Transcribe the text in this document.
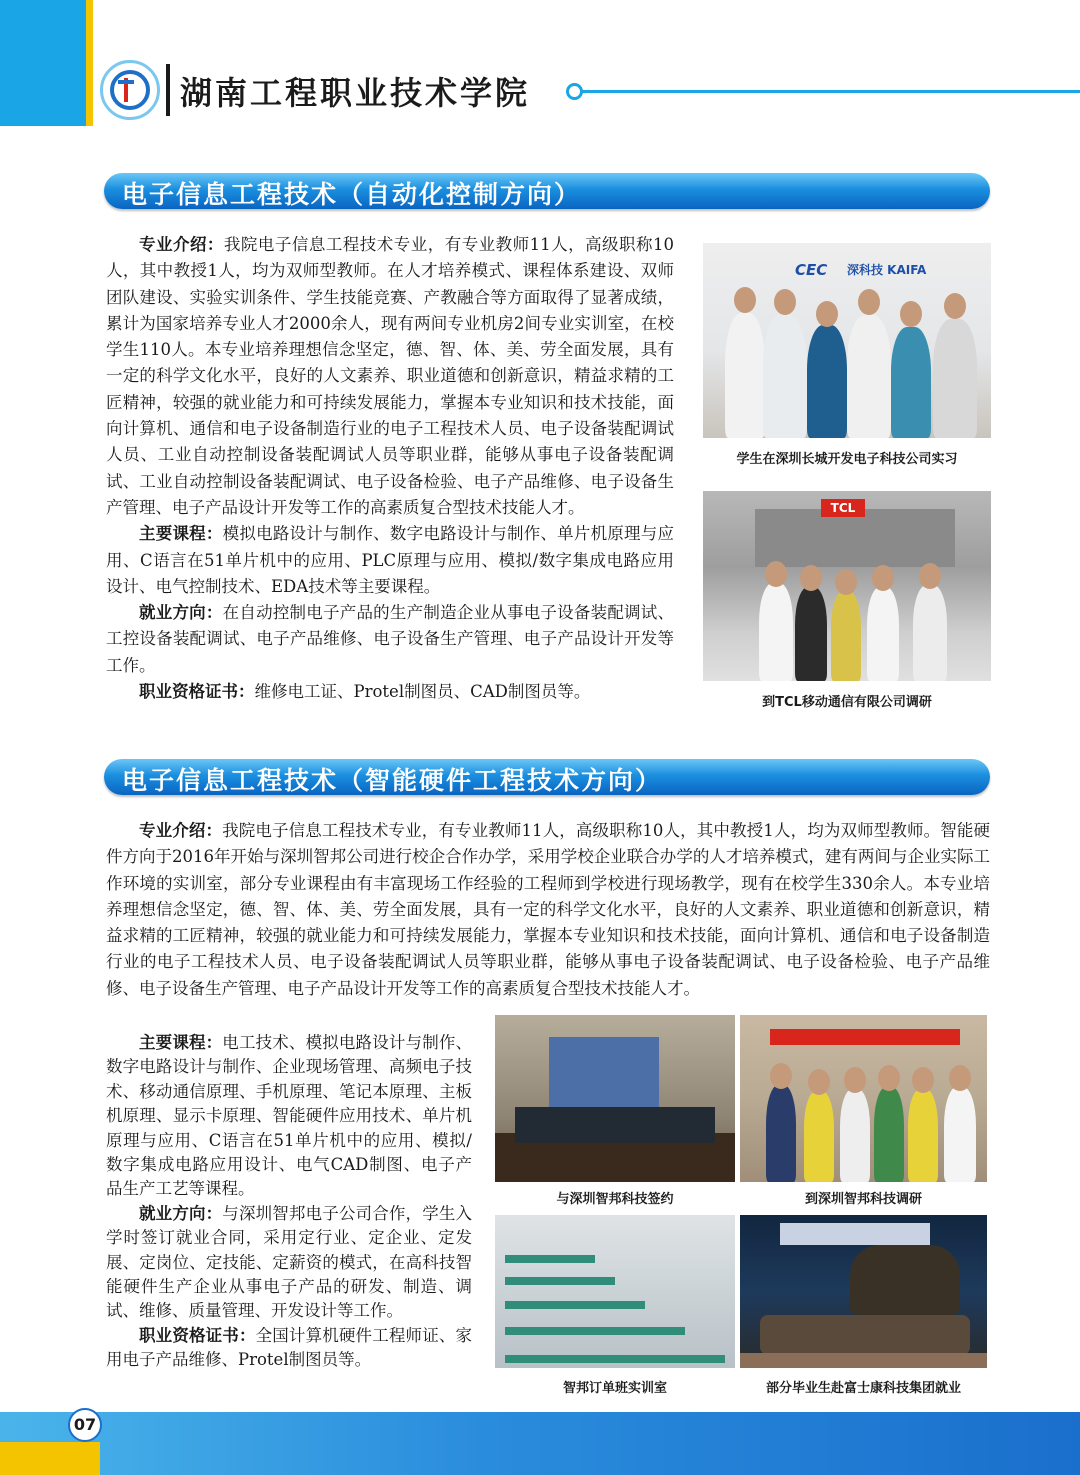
湖南工程职业技术学院
电子信息工程技术（自动化控制方向）

专业介绍：我院电子信息工程技术专业，有专业教师11人，高级职称10人，其中教授1人，均为双师型教师。在人才培养模式、课程体系建设、双师团队建设、实验实训条件、学生技能竞赛、产教融合等方面取得了显著成绩，累计为国家培养专业人才2000余人，现有两间专业机房2间专业实训室，在校学生110人。本专业培养理想信念坚定，德、智、体、美、劳全面发展，具有一定的科学文化水平，良好的人文素养、职业道德和创新意识，精益求精的工匠精神，较强的就业能力和可持续发展能力，掌握本专业知识和技术技能，面向计算机、通信和电子设备制造行业的电子工程技术人员、电子设备装配调试人员、工业自动控制设备装配调试人员等职业群，能够从事电子设备装配调试、工业自动控制设备装配调试、电子设备检验、电子产品维修、电子设备生产管理、电子产品设计开发等工作的高素质复合型技术技能人才。

主要课程：模拟电路设计与制作、数字电路设计与制作、单片机原理与应用、C语言在51单片机中的应用、PLC原理与应用、模拟/数字集成电路应用设计、电气控制技术、EDA技术等主要课程。

就业方向：在自动控制电子产品的生产制造企业从事电子设备装配调试、工控设备装配调试、电子产品维修、电子设备生产管理、电子产品设计开发等工作。

职业资格证书：维修电工证、Protel制图员、CAD制图员等。

CEC 深科技 KAIFA
学生在深圳长城开发电子科技公司实习
TCL
到TCL移动通信有限公司调研
电子信息工程技术（智能硬件工程技术方向）

专业介绍：我院电子信息工程技术专业，有专业教师11人，高级职称10人，其中教授1人，均为双师型教师。智能硬件方向于2016年开始与深圳智邦公司进行校企合作办学，采用学校企业联合办学的人才培养模式，建有两间与企业实际工作环境的实训室，部分专业课程由有丰富现场工作经验的工程师到学校进行现场教学，现有在校学生330余人。本专业培养理想信念坚定，德、智、体、美、劳全面发展，具有一定的科学文化水平，良好的人文素养、职业道德和创新意识，精益求精的工匠精神，较强的就业能力和可持续发展能力，掌握本专业知识和技术技能，面向计算机、通信和电子设备制造行业的电子工程技术人员、电子设备装配调试人员等职业群，能够从事电子设备装配调试、电子设备检验、电子产品维修、电子设备生产管理、电子产品设计开发等工作的高素质复合型技术技能人才。

主要课程：电工技术、模拟电路设计与制作、数字电路设计与制作、企业现场管理、高频电子技术、移动通信原理、手机原理、笔记本原理、主板机原理、显示卡原理、智能硬件应用技术、单片机原理与应用、C语言在51单片机中的应用、模拟/数字集成电路应用设计、电气CAD制图、电子产品生产工艺等课程。

就业方向：与深圳智邦电子公司合作，学生入学时签订就业合同，采用定行业、定企业、定发展、定岗位、定技能、定薪资的模式，在高科技智能硬件生产企业从事电子产品的研发、制造、调试、维修、质量管理、开发设计等工作。

职业资格证书：全国计算机硬件工程师证、家用电子产品维修、Protel制图员等。

与深圳智邦科技签约	到深圳智邦科技调研
智邦订单班实训室	部分毕业生赴富士康科技集团就业
07
